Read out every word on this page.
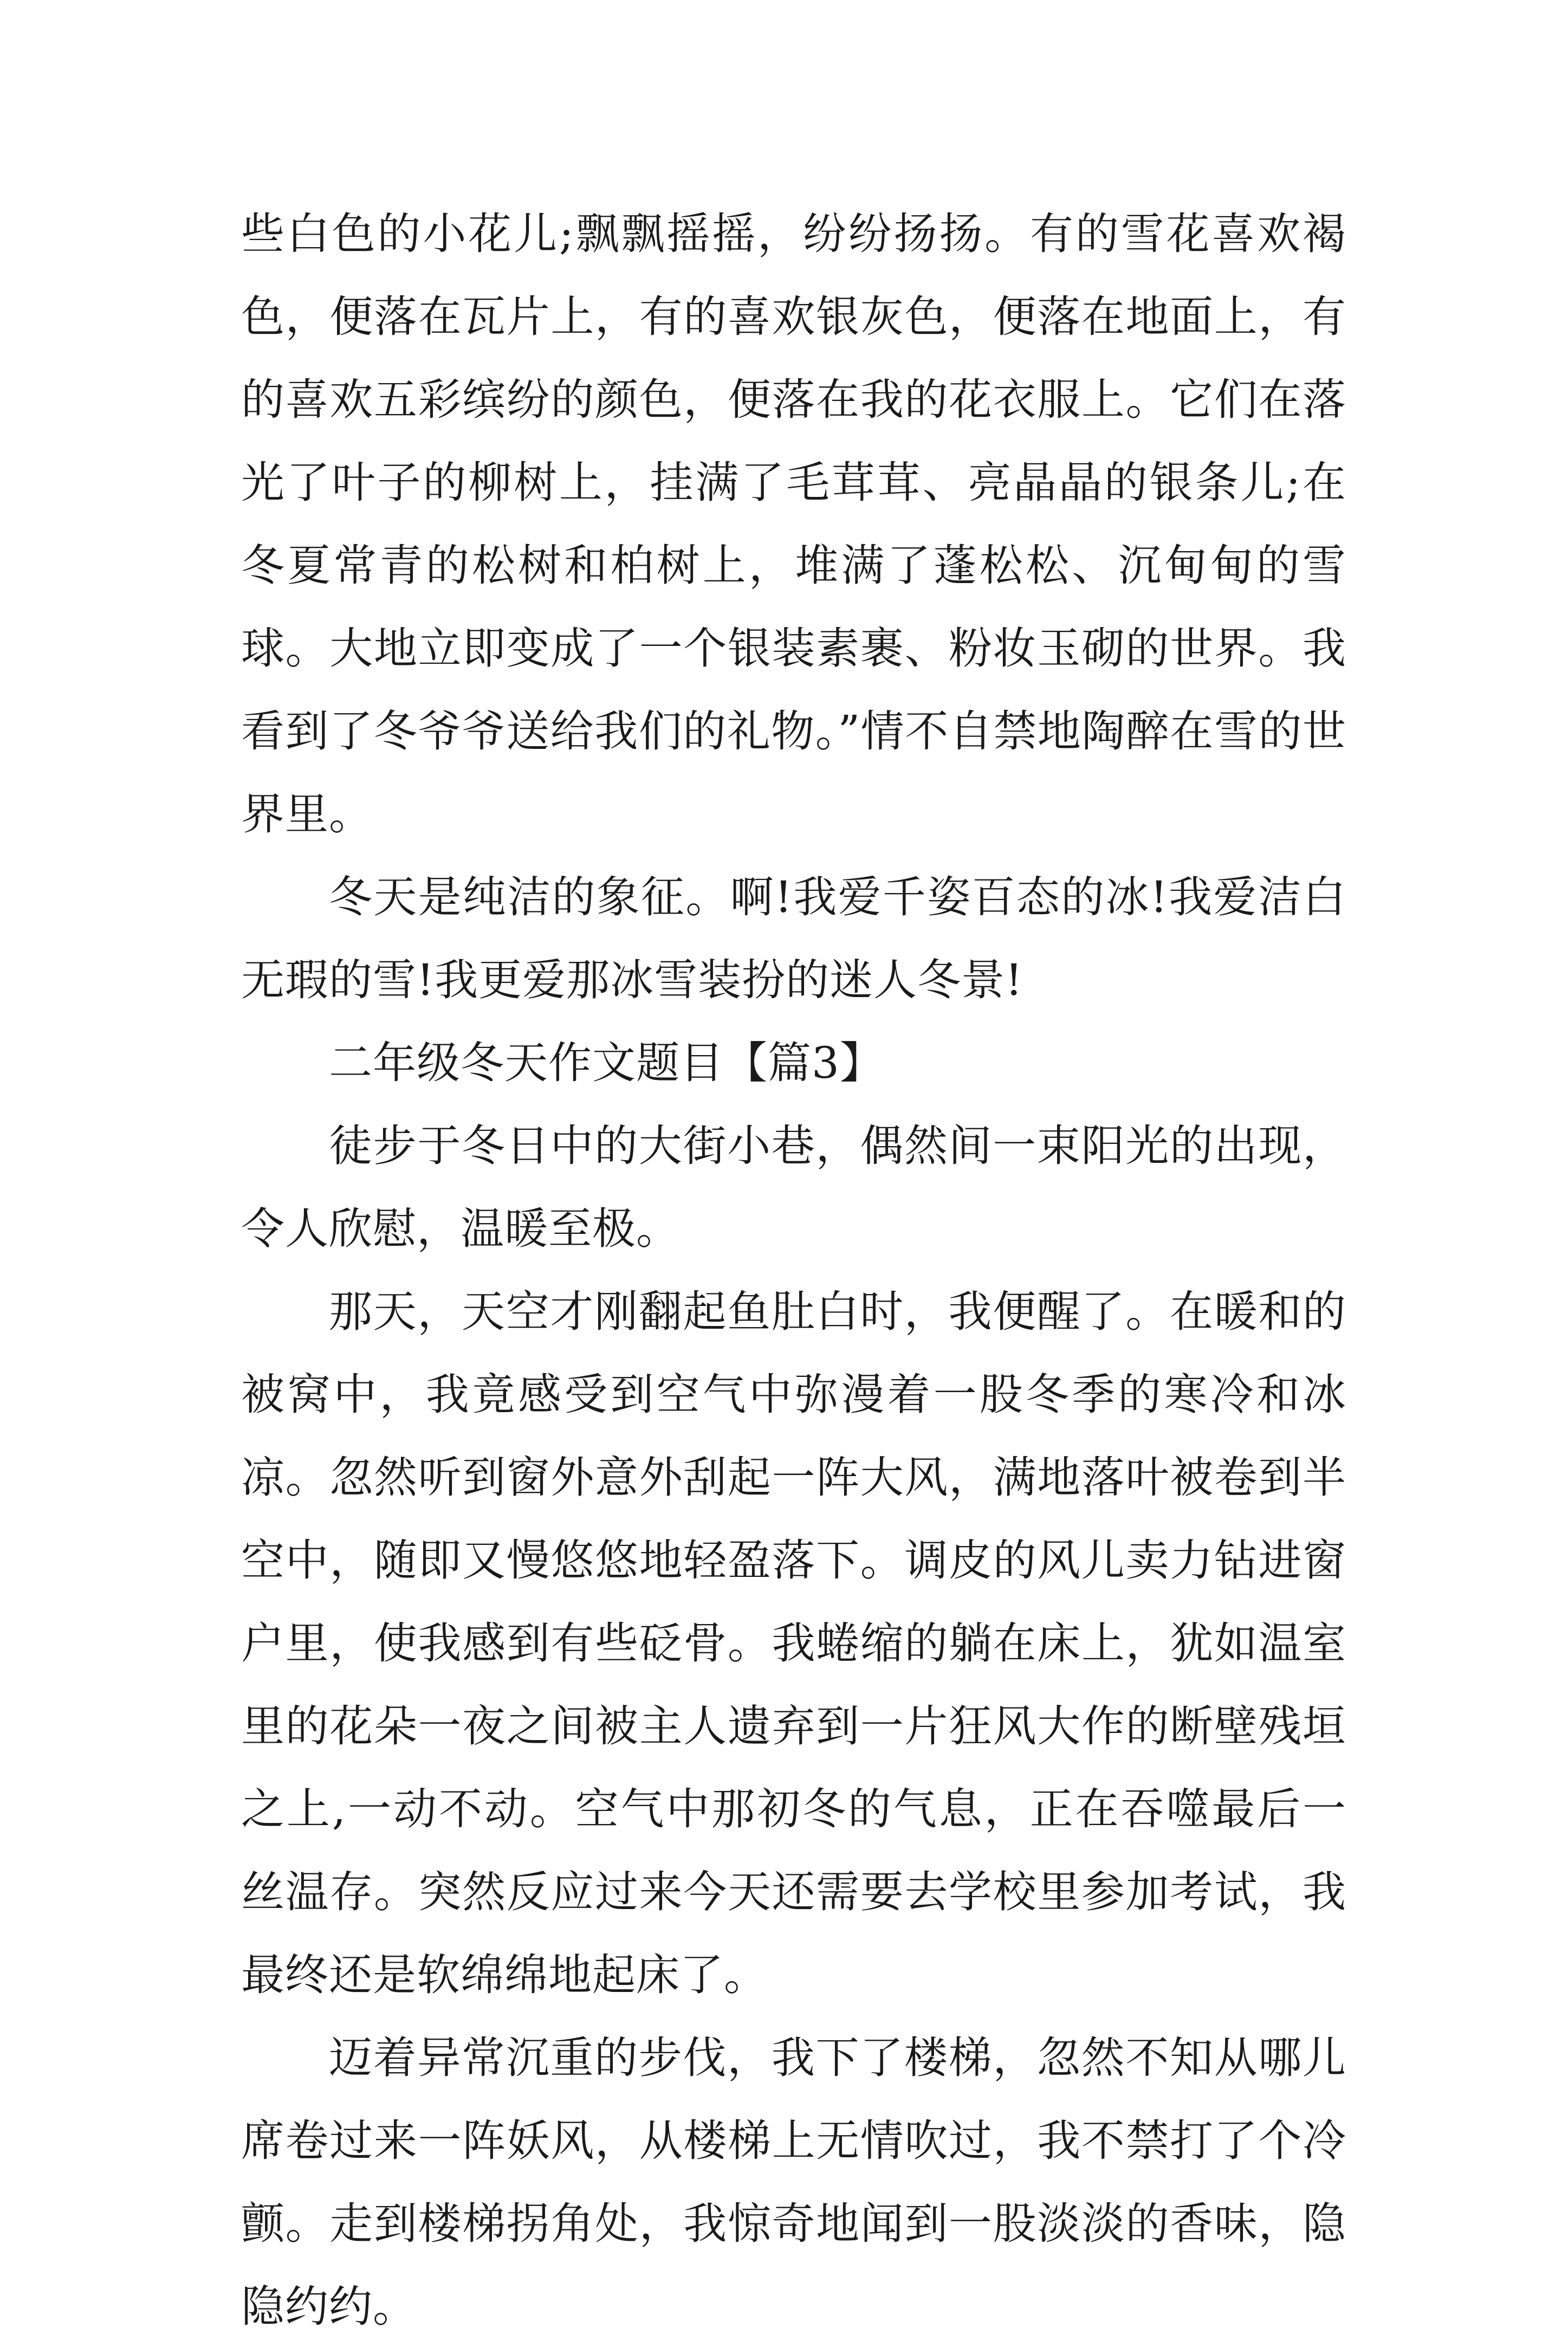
些白色的小花儿;飘飘摇摇，纷纷扬扬。有的雪花喜欢褐色，便落在瓦片上，有的喜欢银灰色，便落在地面上，有的喜欢五彩缤纷的颜色，便落在我的花衣服上。它们在落光了叶子的柳树上，挂满了毛茸茸、亮晶晶的银条儿;在冬夏常青的松树和柏树上，堆满了蓬松松、沉甸甸的雪球。大地立即变成了一个银装素裹、粉妆玉砌的世界。我看到了冬爷爷送给我们的礼物。”情不自禁地陶醉在雪的世界里。

冬天是纯洁的象征。啊!我爱千姿百态的冰!我爱洁白无瑕的雪!我更爱那冰雪装扮的迷人冬景!

二年级冬天作文题目【篇3】

徒步于冬日中的大街小巷，偶然间一束阳光的出现，令人欣慰，温暖至极。

那天，天空才刚翻起鱼肚白时，我便醒了。在暖和的被窝中，我竟感受到空气中弥漫着一股冬季的寒冷和冰凉。忽然听到窗外意外刮起一阵大风，满地落叶被卷到半空中，随即又慢悠悠地轻盈落下。调皮的风儿卖力钻进窗户里，使我感到有些砭骨。我蜷缩的躺在床上，犹如温室里的花朵一夜之间被主人遗弃到一片狂风大作的断壁残垣之上,一动不动。空气中那初冬的气息，正在吞噬最后一丝温存。突然反应过来今天还需要去学校里参加考试，我最终还是软绵绵地起床了。

迈着异常沉重的步伐，我下了楼梯，忽然不知从哪儿席卷过来一阵妖风，从楼梯上无情吹过，我不禁打了个冷颤。走到楼梯拐角处，我惊奇地闻到一股淡淡的香味，隐隐约约。
